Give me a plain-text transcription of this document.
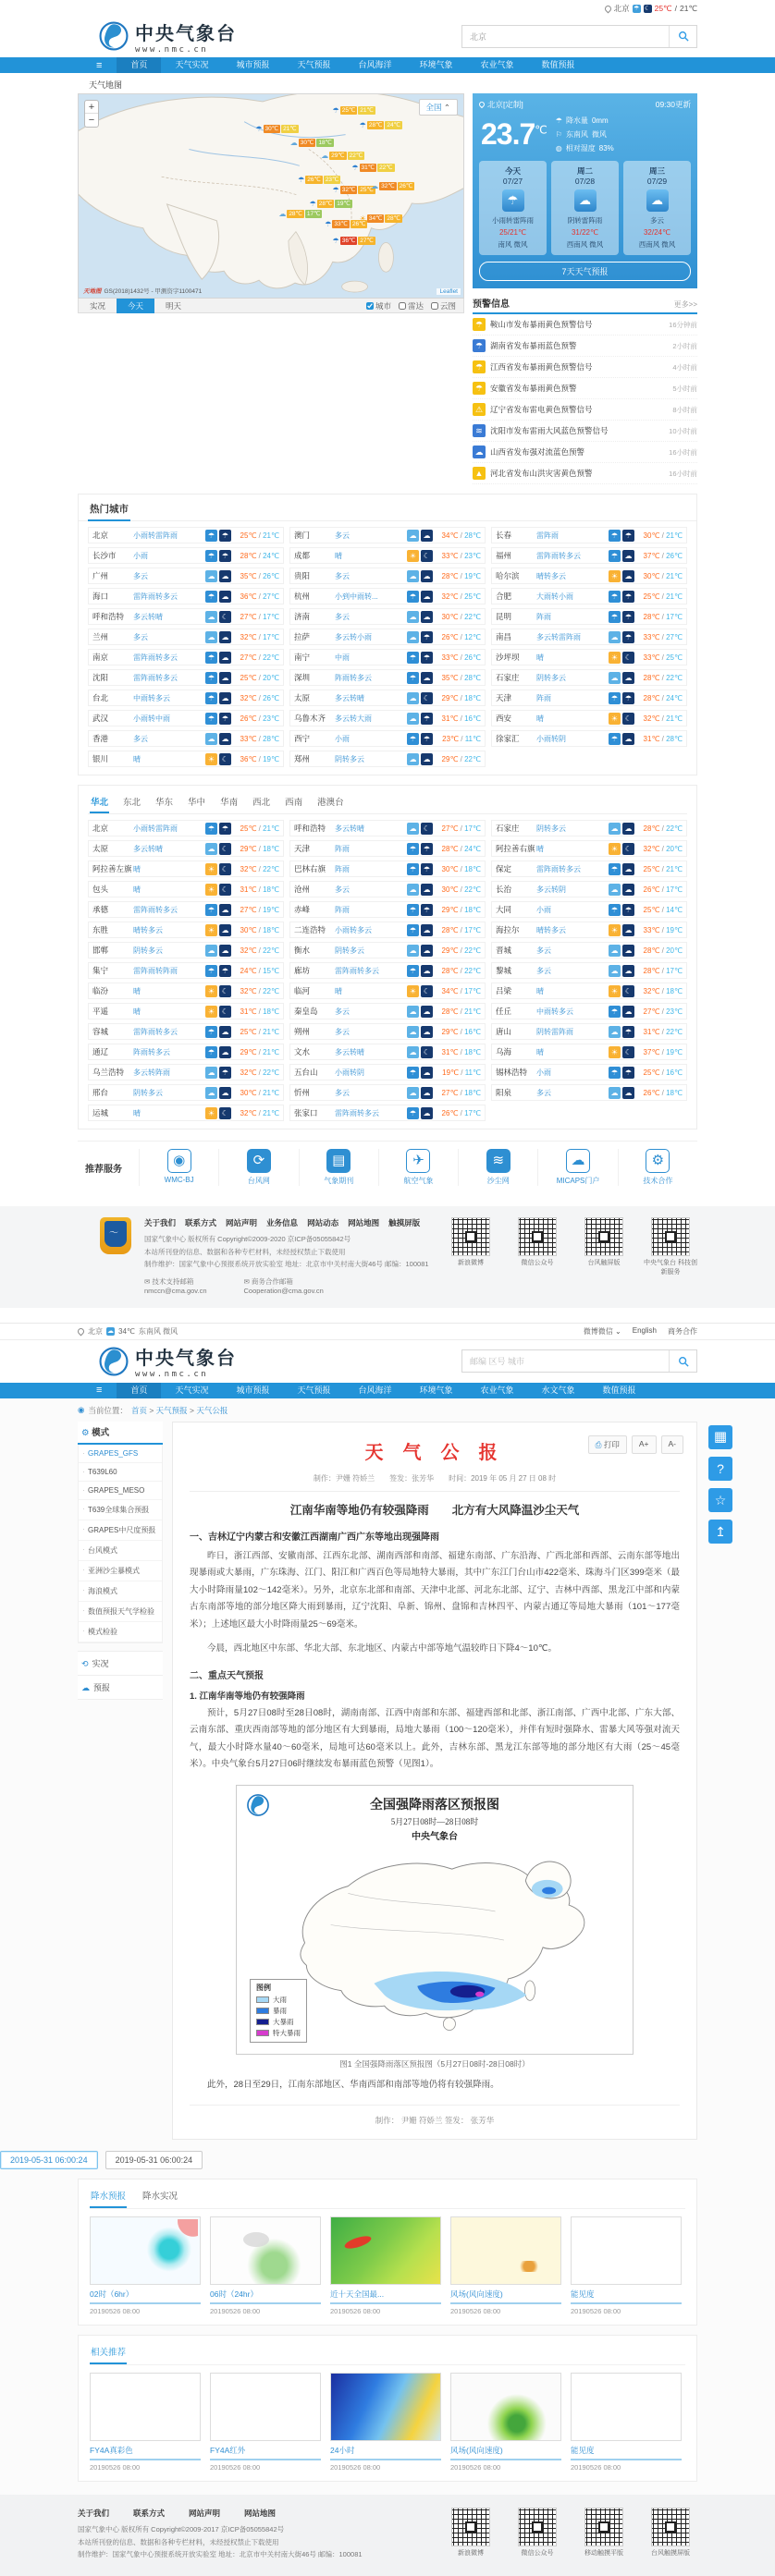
北京 ☂ ☾ 25℃ / 21℃
中央气象台
www.nmc.cn
北京
≡	首页	天气实况	城市预报	天气预报	台风海洋	环境气象	农业气象	数值预报
天气地图
+
−
全国 ⌃
☂ 30℃ 21℃
☁ 30℃ 18℃
☂ 25℃ 21℃
☂ 28℃ 24℃
☁ 29℃ 22℃
☂ 31℃ 22℃
☂ 26℃ 23℃
☂ 32℃ 25℃
☁ 32℃ 26℃
☂ 28℃ 19℃
☁ 28℃ 17℃
☂ 33℃ 26℃
☀ 34℃ 28℃
☂ 36℃ 27℃
天地图 GS(2018)1432号 - 甲测资字1100471	Leaflet
实况	今天	明天	城市 雷达 云图
北京[定制]	09:30更新
23.7℃
☂ 降水量 0mm
⚐ 东南风 微风
◍ 相对湿度 83%
今天
07/27
☂
小雨转雷阵雨
25/21℃
南风 微风
周二
07/28
☁
阴转雷阵雨
31/22℃
西南风 微风
周三
07/29
☁
多云
32/24℃
西南风 微风
7天天气预报
预警信息	更多>>
☂ 鞍山市发布暴雨黄色预警信号	16分钟前
☂ 湖南省发布暴雨蓝色预警	2小时前
☂ 江西省发布暴雨黄色预警信号	4小时前
☂ 安徽省发布暴雨黄色预警	5小时前
⚠ 辽宁省发布雷电黄色预警信号	8小时前
≋ 沈阳市发布雷雨大风蓝色预警信号	10小时前
☁ 山西省发布强对流蓝色预警	16小时前
▲ 河北省发布山洪灾害黄色预警	16小时前
热门城市
北京	小雨转雷阵雨	☂ ☂	25℃ / 21℃ 澳门	多云	☁ ☁	34℃ / 28℃ 长春	雷阵雨	☂ ☂	30℃ / 21℃
长沙市	小雨	☂ ☂	28℃ / 24℃ 成都	晴	☀ ☾	33℃ / 23℃ 福州	雷阵雨转多云	☂ ☁	37℃ / 26℃
广州	多云	☁ ☁	35℃ / 26℃ 贵阳	多云	☁ ☁	28℃ / 19℃ 哈尔滨	晴转多云	☀ ☁	30℃ / 21℃
海口	雷阵雨转多云	☂ ☁	36℃ / 27℃ 杭州	小到中雨转...	☂ ☁	32℃ / 25℃ 合肥	大雨转小雨	☂ ☂	25℃ / 21℃
呼和浩特	多云转晴	☁ ☾	27℃ / 17℃ 济南	多云	☁ ☁	30℃ / 22℃ 昆明	阵雨	☂ ☂	28℃ / 17℃
兰州	多云	☁ ☁	32℃ / 17℃ 拉萨	多云转小雨	☁ ☂	26℃ / 12℃ 南昌	多云转雷阵雨	☁ ☂	33℃ / 27℃
南京	雷阵雨转多云	☂ ☁	27℃ / 22℃ 南宁	中雨	☂ ☂	33℃ / 26℃ 沙坪坝	晴	☀ ☾	33℃ / 25℃
沈阳	雷阵雨转多云	☂ ☁	25℃ / 20℃ 深圳	阵雨转多云	☂ ☁	35℃ / 28℃ 石家庄	阴转多云	☁ ☁	28℃ / 22℃
台北	中雨转多云	☂ ☁	32℃ / 26℃ 太原	多云转晴	☁ ☾	29℃ / 18℃ 天津	阵雨	☂ ☂	28℃ / 24℃
武汉	小雨转中雨	☂ ☂	26℃ / 23℃ 乌鲁木齐	多云转大雨	☁ ☂	31℃ / 16℃ 西安	晴	☀ ☾	32℃ / 21℃
香港	多云	☁ ☁	33℃ / 28℃ 西宁	小雨	☂ ☂	23℃ / 11℃ 徐家汇	小雨转阴	☂ ☁	31℃ / 28℃
银川	晴	☀ ☾	36℃ / 19℃ 郑州	阴转多云	☁ ☁	29℃ / 22℃
华北 东北 华东 华中 华南 西北 西南 港澳台
北京	小雨转雷阵雨	☂ ☂	25℃ / 21℃ 呼和浩特	多云转晴	☁ ☾	27℃ / 17℃ 石家庄	阴转多云	☁ ☁	28℃ / 22℃
太原	多云转晴	☁ ☾	29℃ / 18℃ 天津	阵雨	☂ ☂	28℃ / 24℃ 阿拉善右旗 晴	☀ ☾	32℃ / 20℃
阿拉善左旗 晴	☀ ☾	32℃ / 22℃ 巴林右旗	阵雨	☂ ☂	30℃ / 18℃ 保定	雷阵雨转多云	☂ ☁	25℃ / 21℃
包头	晴	☀ ☾	31℃ / 18℃ 沧州	多云	☁ ☁	30℃ / 22℃ 长治	多云转阴	☁ ☁	26℃ / 17℃
承德	雷阵雨转多云	☂ ☁	27℃ / 19℃ 赤峰	阵雨	☂ ☂	29℃ / 18℃ 大同	小雨	☂ ☂	25℃ / 14℃
东胜	晴转多云	☀ ☁	30℃ / 18℃ 二连浩特	小雨转多云	☂ ☁	28℃ / 17℃ 海拉尔	晴转多云	☀ ☁	33℃ / 19℃
邯郸	阴转多云	☁ ☁	32℃ / 22℃ 衡水	阴转多云	☁ ☁	29℃ / 22℃ 晋城	多云	☁ ☁	28℃ / 20℃
集宁	雷阵雨转阵雨	☂ ☂	24℃ / 15℃ 廊坊	雷阵雨转多云	☂ ☁	28℃ / 22℃ 黎城	多云	☁ ☁	28℃ / 17℃
临汾	晴	☀ ☾	32℃ / 22℃ 临河	晴	☀ ☾	34℃ / 17℃ 吕梁	晴	☀ ☾	32℃ / 18℃
平遥	晴	☀ ☾	31℃ / 18℃ 秦皇岛	多云	☁ ☁	28℃ / 21℃ 任丘	中雨转多云	☂ ☁	27℃ / 23℃
容城	雷阵雨转多云	☂ ☁	25℃ / 21℃ 朔州	多云	☁ ☁	29℃ / 16℃ 唐山	阴转雷阵雨	☁ ☂	31℃ / 22℃
通辽	阵雨转多云	☂ ☁	29℃ / 21℃ 文水	多云转晴	☁ ☾	31℃ / 18℃ 乌海	晴	☀ ☾	37℃ / 19℃
乌兰浩特	多云转阵雨	☁ ☂	32℃ / 22℃ 五台山	小雨转阴	☂ ☁	19℃ / 11℃ 锡林浩特	小雨	☂ ☂	25℃ / 16℃
邢台	阴转多云	☁ ☁	30℃ / 21℃ 忻州	多云	☁ ☁	27℃ / 18℃ 阳泉	多云	☁ ☁	26℃ / 18℃
运城	晴	☀ ☾	32℃ / 21℃ 张家口	雷阵雨转多云	☂ ☁	26℃ / 17℃
推荐服务
◉
WMC-BJ
⟳
台风网
▤
气象期刊
✈
航空气象
≋
沙尘网
☁
MICAPS门户
⚙
技术合作
〜
关于我们 联系方式 网站声明 业务信息 网站动态 网站地图 触摸屏版
国家气象中心 版权所有 Copyright©2009-2020 京ICP备05055842号
本站所刊登的信息、数据和各种专栏材料，未经授权禁止下载使用
制作维护：国家气象中心预报系统开放实验室 地址：北京市中关村南大街46号 邮编：100081
✉ 技术支持邮箱
nmccn@cma.gov.cn
✉ 商务合作邮箱
Cooperation@cma.gov.cn
新浪微博	微信公众号	台风触屏版	中央气象台 科技创新服务
北京 ☁ 34℃ 东南风 微风	微博微信 ⌄ English 商务合作
中央气象台
www.nmc.cn
邮编 区号 城市
≡	首页	天气实况	城市预报	天气预报	台风海洋	环境气象	农业气象	水文气象	数值预报
◉ 当前位置： 首页 > 天气预报 > 天气公报
⚙ 模式
· GRAPES_GFS
· T639L60
· GRAPES_MESO
· T639全球集合预报
· GRAPES中尺度预报
· 台风模式
· 亚洲沙尘暴模式
· 海浪模式
· 数值预报天气学检验
· 模式检验
⟲ 实况
☁ 预报
⎙ 打印	A+	A-
天 气 公 报
制作：尹姗 符娇兰　　签发：张芳华　　时间：2019 年 05 月 27 日 08 时
江南华南等地仍有较强降雨　　北方有大风降温沙尘天气
一、吉林辽宁内蒙古和安徽江西湖南广西广东等地出现强降雨

昨日，浙江西部、安徽南部、江西东北部、湖南西部和南部、福建东南部、广东沿海、广西北部和西部、云南东部等地出现暴雨或大暴雨，广东珠海、江门、阳江和广西百色等局地特大暴雨，其中广东江门台山市422毫米、珠海斗门区399毫米（最大小时降雨量102～142毫米）。另外，北京东北部和南部、天津中北部、河北东北部、辽宁、吉林中西部、黑龙江中部和内蒙古东南部等地的部分地区降大雨到暴雨，辽宁沈阳、阜新、锦州、盘锦和吉林四平、内蒙古通辽等局地大暴雨（101～177毫米）；上述地区最大小时降雨量25～69毫米。

今晨，西北地区中东部、华北大部、东北地区、内蒙古中部等地气温较昨日下降4～10℃。

二、重点天气预报
1. 江南华南等地仍有较强降雨

预计，5月27日08时至28日08时，湖南南部、江西中南部和东部、福建西部和北部、浙江南部、广西中北部、广东大部、云南东部、重庆西南部等地的部分地区有大到暴雨，局地大暴雨（100～120毫米），并伴有短时强降水、雷暴大风等强对流天气，最大小时降水量40～60毫米，局地可达60毫米以上。此外，吉林东部、黑龙江东部等地的部分地区有大雨（25～45毫米）。中央气象台5月27日06时继续发布暴雨蓝色预警（见图1）。

全国强降雨落区预报图
5月27日08时—28日08时
中央气象台
图例
大雨
暴雨
大暴雨
特大暴雨
图1 全国强降雨落区预报图（5月27日08时-28日08时）

此外，28日至29日，江南东部地区、华南西部和南部等地仍将有较强降雨。

制作： 尹姗 符娇兰 签发： 张芳华
▦
?
☆
↥
2019-05-31 06:00:24	2019-05-31 06:00:24
降水预报 降水实况
02时（6hr）
20190526 08:00
06时（24hr）
20190526 08:00
近十天全国最...
20190526 08:00
风场(风向速度)
20190526 08:00
能见度
20190526 08:00
相关推荐
FY4A真彩色
20190526 08:00
FY4A红外
20190526 08:00
24小时
20190526 08:00
风场(风向速度)
20190526 08:00
能见度
20190526 08:00
关于我们	联系方式	网站声明	网站地图
国家气象中心 版权所有 Copyright©2009-2017 京ICP备05055842号
本站所刊登的信息、数据和各种专栏材料，未经授权禁止下载使用
制作维护：国家气象中心预报系统开放实验室 地址：北京市中关村南大街46号 邮编：100081	新浪微博	微信公众号	移动触摸平版	台风触摸屏版
